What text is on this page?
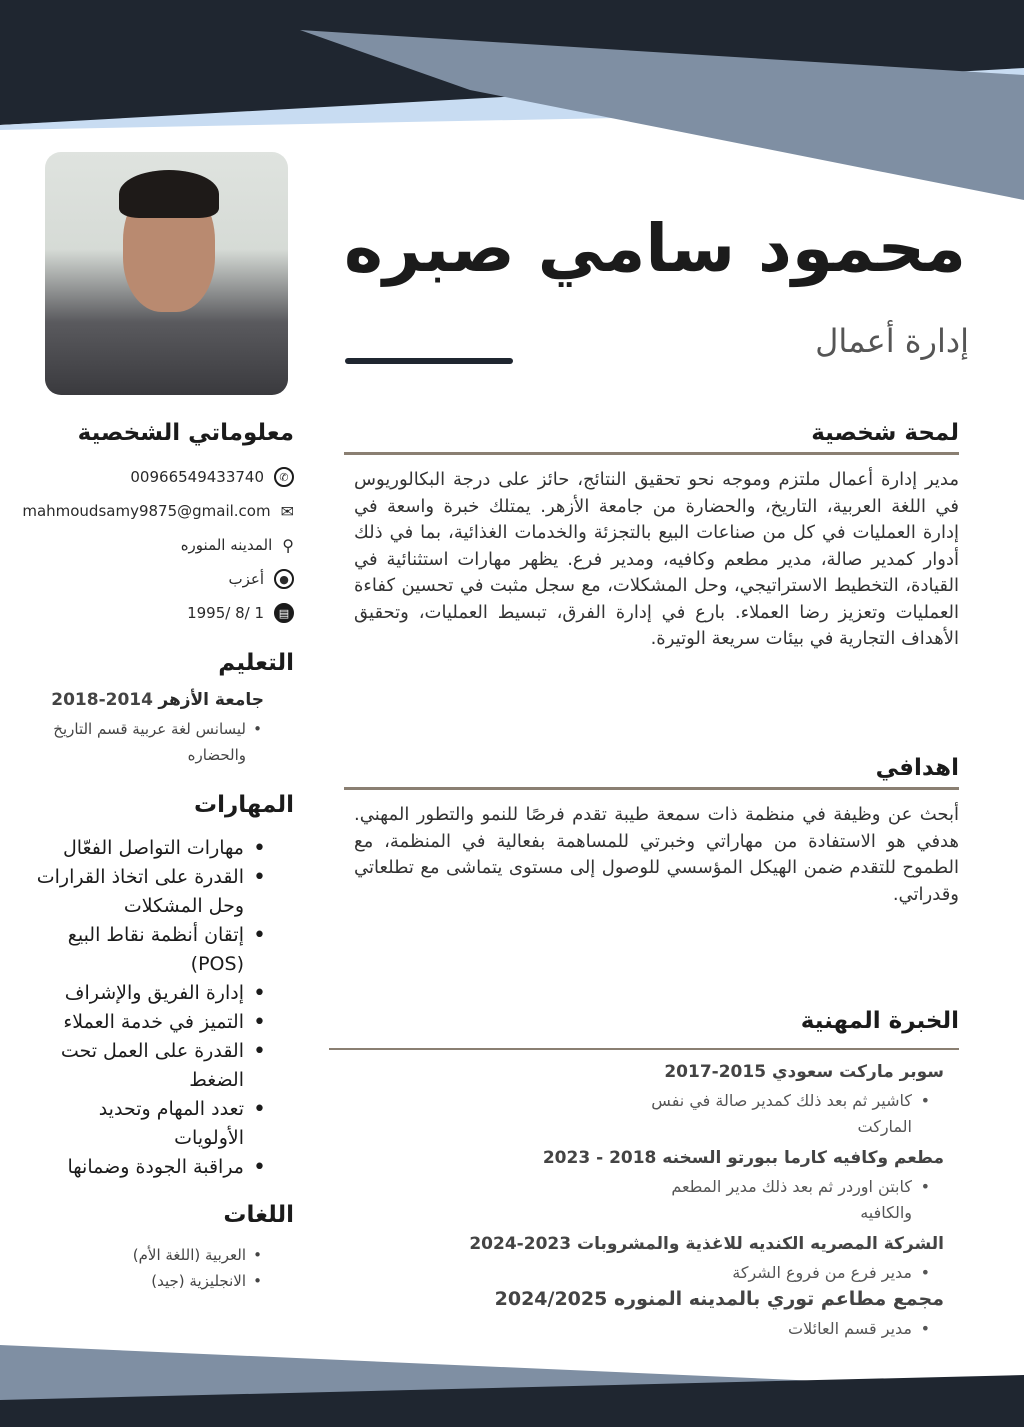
محمود سامي صبره
إدارة أعمال
معلوماتي الشخصية
✆
00966549433740
✉
mahmoudsamy9875@gmail.com
⚲
المدينه المنوره
●
أعزب
▤
1 /8 /1995
التعليم
جامعة الأزهر 2014-2018
• ليسانس لغة عربية قسم التاريخ والحضاره
المهارات
• مهارات التواصل الفعّال
• القدرة على اتخاذ القرارات وحل المشكلات
• إتقان أنظمة نقاط البيع (POS)
• إدارة الفريق والإشراف
• التميز في خدمة العملاء
• القدرة على العمل تحت الضغط
• تعدد المهام وتحديد الأولويات
• مراقبة الجودة وضمانها
اللغات
• العربية (اللغة الأم)
• الانجليزية (جيد)
لمحة شخصية

مدير إدارة أعمال ملتزم وموجه نحو تحقيق النتائج، حائز على درجة البكالوريوس في اللغة العربية، التاريخ، والحضارة من جامعة الأزهر. يمتلك خبرة واسعة في إدارة العمليات في كل من صناعات البيع بالتجزئة والخدمات الغذائية، بما في ذلك أدوار كمدير صالة، مدير مطعم وكافيه، ومدير فرع. يظهر مهارات استثنائية في القيادة، التخطيط الاستراتيجي، وحل المشكلات، مع سجل مثبت في تحسين كفاءة العمليات وتعزيز رضا العملاء. بارع في إدارة الفرق، تبسيط العمليات، وتحقيق الأهداف التجارية في بيئات سريعة الوتيرة.

اهدافي

أبحث عن وظيفة في منظمة ذات سمعة طيبة تقدم فرصًا للنمو والتطور المهني. هدفي هو الاستفادة من مهاراتي وخبرتي للمساهمة بفعالية في المنظمة، مع الطموح للتقدم ضمن الهيكل المؤسسي للوصول إلى مستوى يتماشى مع تطلعاتي وقدراتي.

الخبرة المهنية
سوبر ماركت سعودي 2015-2017
• كاشير ثم بعد ذلك كمدير صالة في نفس الماركت
مطعم وكافيه كارما ببورتو السخنه 2018 - 2023
• كابتن اوردر ثم بعد ذلك مدير المطعم والكافيه
الشركة المصريه الكنديه للاغذية والمشروبات 2023-2024
• مدير فرع من فروع الشركة
مجمع مطاعم توري بالمدينه المنوره 2024/2025
• مدير قسم العائلات
